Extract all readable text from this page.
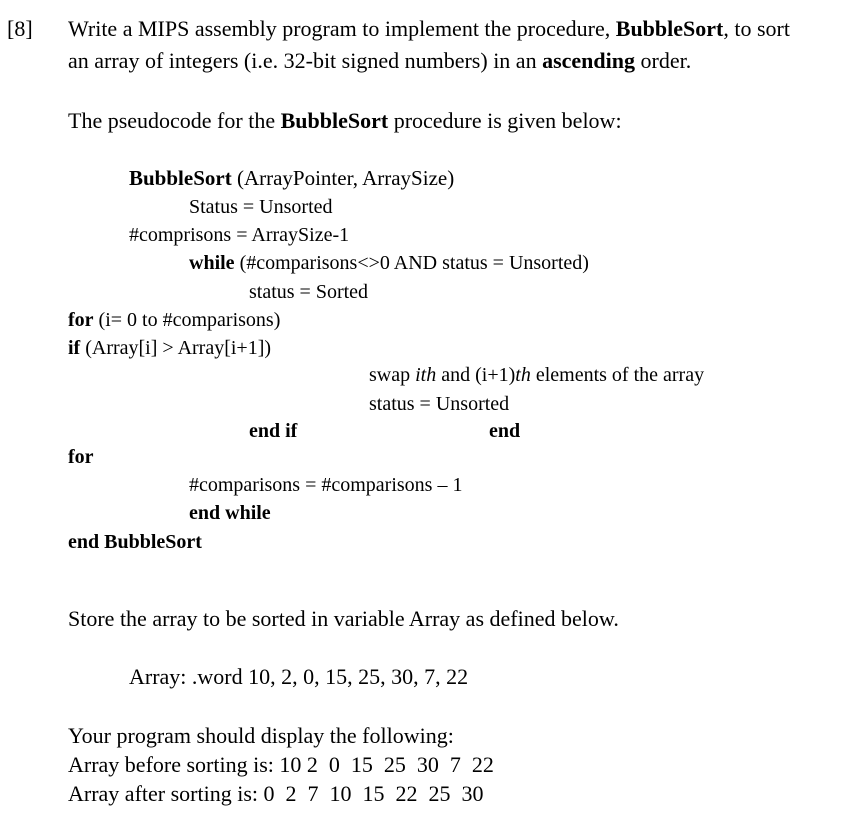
[8] Write a MIPS assembly program to implement the procedure, BubbleSort, to sort
an array of integers (i.e. 32-bit signed numbers) in an ascending order.
The pseudocode for the BubbleSort procedure is given below:
BubbleSort (ArrayPointer, ArraySize)
Status = Unsorted
#comprisons = ArraySize-1
while (#comparisons<>0 AND status = Unsorted)
status = Sorted
for (i= 0 to #comparisons)
if (Array[i] > Array[i+1])
swap ith and (i+1)th elements of the array
status = Unsorted
end if	end
for
#comparisons = #comparisons – 1
end while
end BubbleSort
Store the array to be sorted in variable Array as defined below.
Array: .word 10, 2, 0, 15, 25, 30, 7, 22
Your program should display the following:
Array before sorting is: 10 2  0  15  25  30  7  22
Array after sorting is: 0  2  7  10  15  22  25  30
